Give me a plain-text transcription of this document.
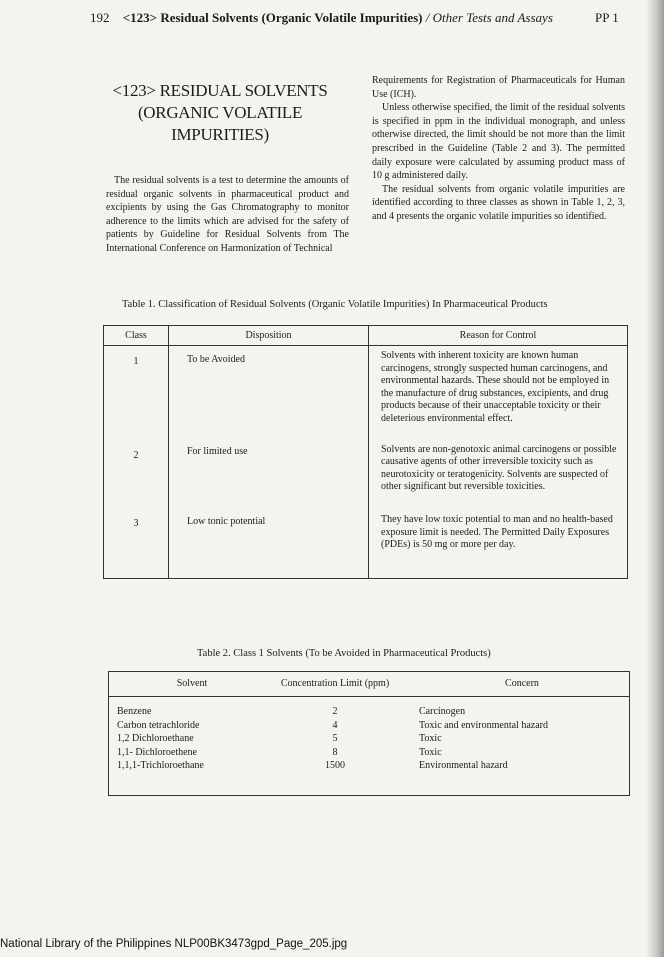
192 <123> Residual Solvents (Organic Volatile Impurities) / Other Tests and Assays	PP 1
<123> RESIDUAL SOLVENTS
(ORGANIC VOLATILE
IMPURITIES)
The residual solvents is a test to determine the amounts of residual organic solvents in pharmaceutical product and excipients by using the Gas Chromatography to monitor adherence to the limits which are advised for the safety of patients by Guideline for Residual Solvents from The International Conference on Harmonization of Technical

Requirements for Registration of Pharmaceuticals for Human Use (ICH).

Unless otherwise specified, the limit of the residual solvents is specified in ppm in the individual monograph, and unless otherwise directed, the limit should be not more than the limit prescribed in the Guideline (Table 2 and 3). The permitted daily exposure were calculated by assuming product mass of 10 g administered daily.

The residual solvents from organic volatile impurities are identified according to three classes as shown in Table 1, 2, 3, and 4 presents the organic volatile impurities so identified.

Table 1. Classification of Residual Solvents (Organic Volatile Impurities) In Pharmaceutical Products
Class	Disposition	Reason for Control
1	To be Avoided	Solvents with inherent toxicity are known human carcinogens, strongly suspected human carcinogens, and environmental hazards. These should not be employed in the manufacture of drug substances, excipients, and drug products because of their unacceptable toxicity or their deleterious environmental effect.
2	For limited use	Solvents are non-genotoxic animal carcinogens or possible causative agents of other irreversible toxicity such as neurotoxicity or teratogenicity. Solvents are suspected of other significant but reversible toxicities.
3	Low tonic potential	They have low toxic potential to man and no health-based exposure limit is needed. The Permitted Daily Exposures (PDEs) is 50 mg or more per day.
Table 2. Class 1 Solvents (To be Avoided in Pharmaceutical Products)
Solvent	Concentration Limit (ppm)	Concern
Benzene	2	Carcinogen
Carbon tetrachloride	4	Toxic and environmental hazard
1,2 Dichloroethane	5	Toxic
1,1- Dichloroethene	8	Toxic
1,1,1-Trichloroethane	1500	Environmental hazard
National Library of the Philippines NLP00BK3473gpd_Page_205.jpg
